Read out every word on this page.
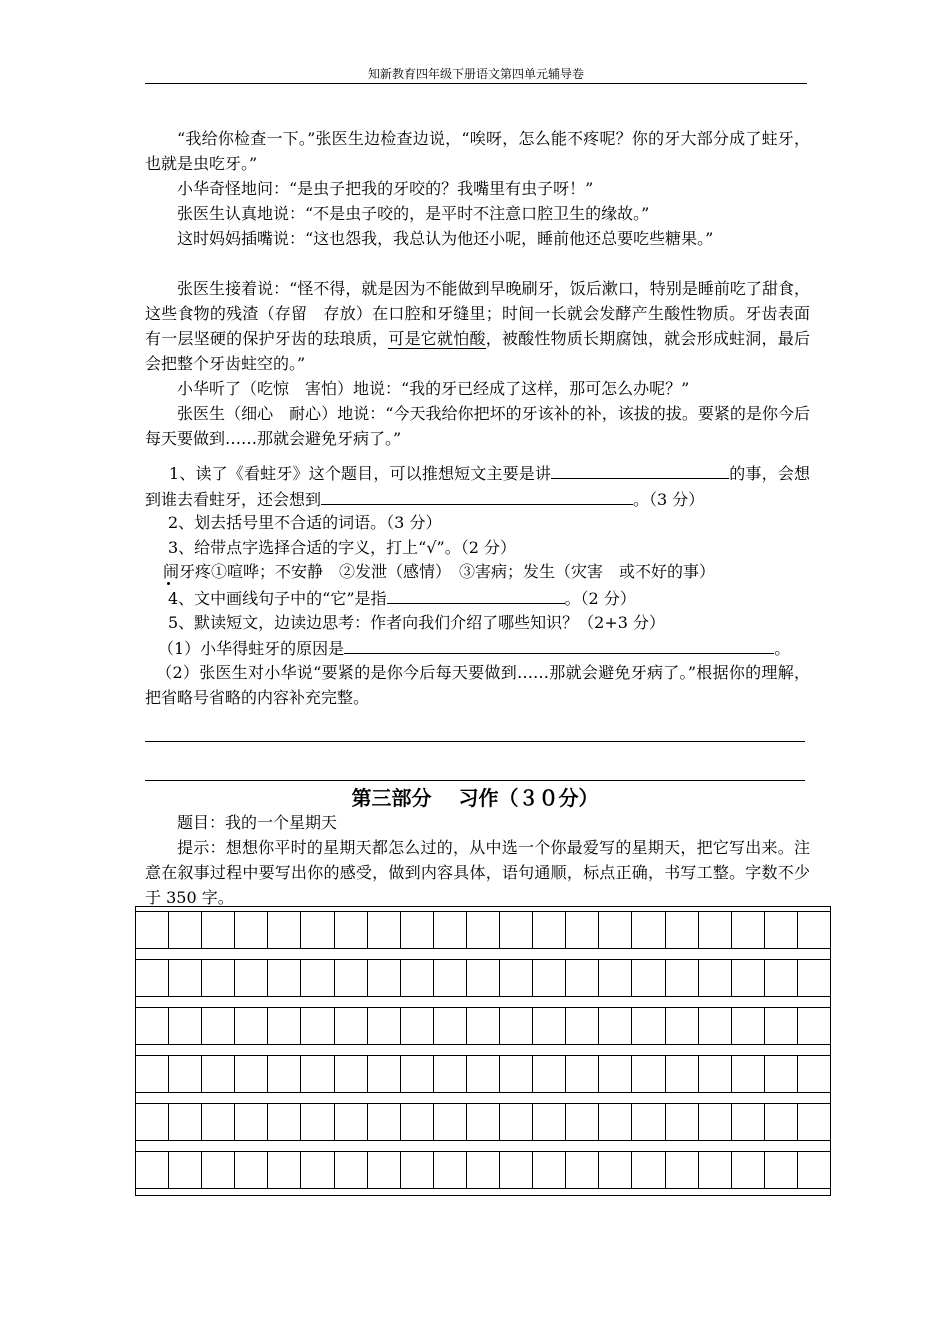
知新教育四年级下册语文第四单元辅导卷

“我给你检查一下。”张医生边检查边说，“唉呀，怎么能不疼呢？你的牙大部分成了蛀牙，也就是虫吃牙。”

小华奇怪地问：“是虫子把我的牙咬的？我嘴里有虫子呀！”

张医生认真地说：“不是虫子咬的，是平时不注意口腔卫生的缘故。”

这时妈妈插嘴说：“这也怨我，我总认为他还小呢，睡前他还总要吃些糖果。”

张医生接着说：“怪不得，就是因为不能做到早晚刷牙，饭后漱口，特别是睡前吃了甜食，这些食物的残渣（存留　存放）在口腔和牙缝里；时间一长就会发酵产生酸性物质。牙齿表面有一层坚硬的保护牙齿的珐琅质，可是它就怕酸，被酸性物质长期腐蚀，就会形成蛀洞，最后会把整个牙齿蛀空的。”

小华听了（吃惊　害怕）地说：“我的牙已经成了这样，那可怎么办呢？”

张医生（细心　耐心）地说：“今天我给你把坏的牙该补的补，该拔的拔。要紧的是你今后每天要做到……那就会避免牙病了。”

1、读了《看蛀牙》这个题目，可以推想短文主要是讲	的事，会想到谁去看蛀牙，还会想到	。（3 分）

2、划去括号里不合适的词语。（3 分）

3、给带点字选择合适的字义，打上“√”。（2 分）

闹牙疼①喧哗；不安静　②发泄（感情）　③害病；发生（灾害　或不好的事）

4、文中画线句子中的“它”是指	。（2 分）

5、默读短文，边读边思考：作者向我们介绍了哪些知识？（2+3 分）

（1）小华得蛀牙的原因是	。

（2）张医生对小华说“要紧的是你今后每天要做到……那就会避免牙病了。”根据你的理解，把省略号省略的内容补充完整。

第三部分　 习作（３０分）

题目：我的一个星期天

提示：想想你平时的星期天都怎么过的，从中选一个你最爱写的星期天，把它写出来。注意在叙事过程中要写出你的感受，做到内容具体，语句通顺，标点正确，书写工整。字数不少于 350 字。
